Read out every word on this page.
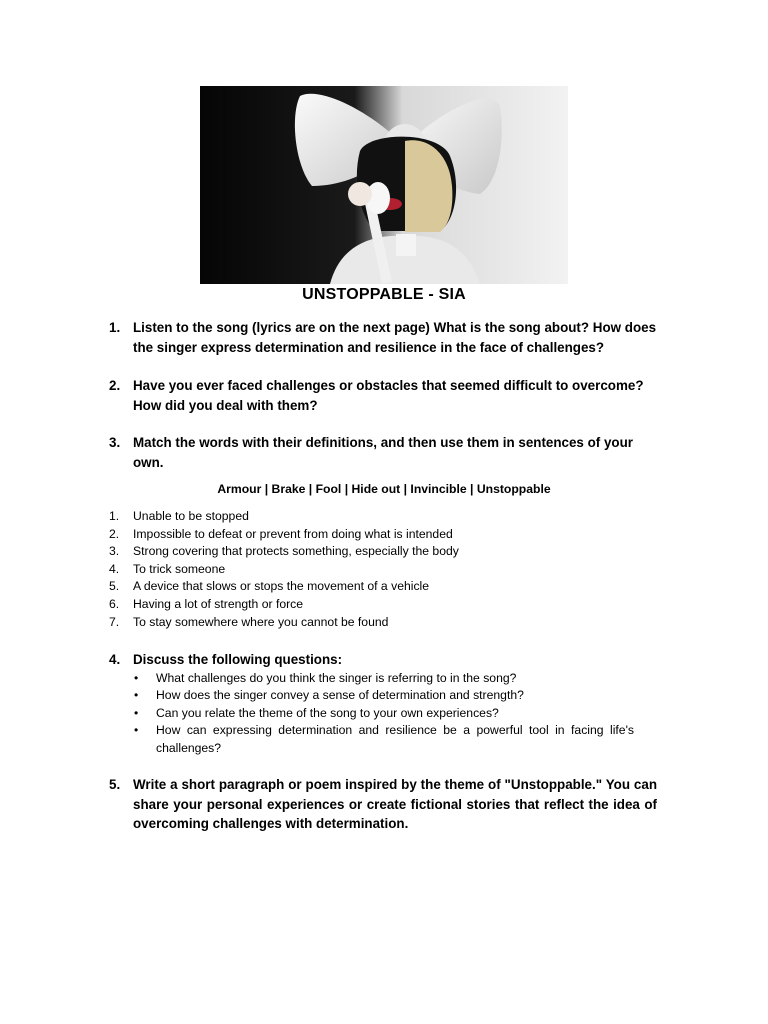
UNSTOPPABLE - SIA
1. Listen to the song (lyrics are on the next page) What is the song about? How does the singer express determination and resilience in the face of challenges?
2. Have you ever faced challenges or obstacles that seemed difficult to overcome? How did you deal with them?
3. Match the words with their definitions, and then use them in sentences of your own.
Armour | Brake | Fool | Hide out | Invincible | Unstoppable
1. Unable to be stopped
2. Impossible to defeat or prevent from doing what is intended
3. Strong covering that protects something, especially the body
4. To trick someone
5. A device that slows or stops the movement of a vehicle
6. Having a lot of strength or force
7. To stay somewhere where you cannot be found
4. Discuss the following questions:
• What challenges do you think the singer is referring to in the song?
• How does the singer convey a sense of determination and strength?
• Can you relate the theme of the song to your own experiences?
• How can expressing determination and resilience be a powerful tool in facing life's challenges?
5. Write a short paragraph or poem inspired by the theme of "Unstoppable." You can share your personal experiences or create fictional stories that reflect the idea of overcoming challenges with determination.
